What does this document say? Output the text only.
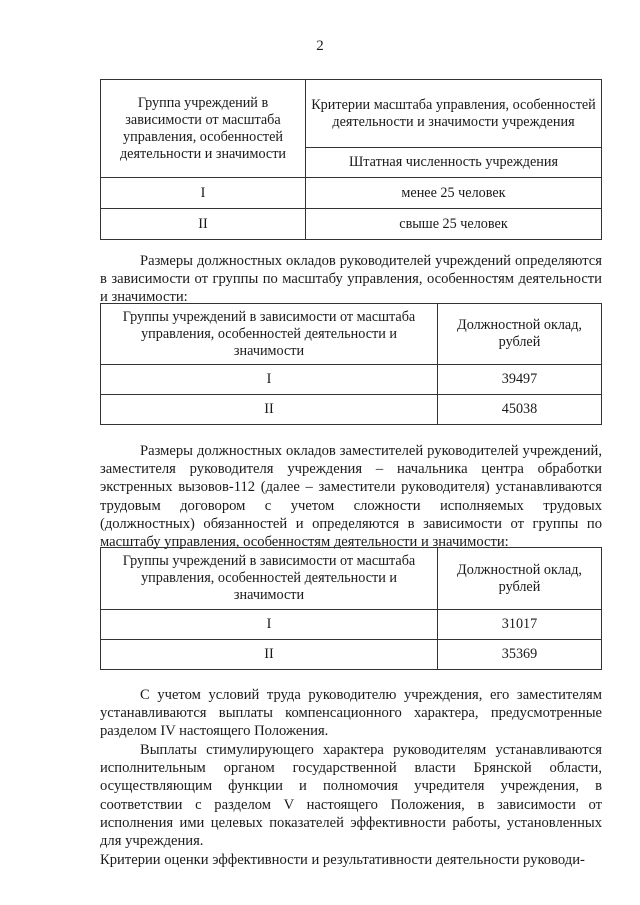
2
Группа учреждений в зависимости от масштаба управления, особенностей деятельности и значимости	Критерии масштаба управления, особенностей деятельности и значимости учреждения
	Штатная численность учреждения
I	менее 25 человек
II	свыше 25 человек
Размеры должностных окладов руководителей учреждений определяются в зависимости от группы по масштабу управления, особенностям деятельности и значимости:
Группы учреждений в зависимости от масштаба управления, особенностей деятельности и значимости	Должностной оклад, рублей
I	39497
II	45038
Размеры должностных окладов заместителей руководителей учреждений, заместителя руководителя учреждения – начальника центра обработки экстренных вызовов-112 (далее – заместители руководителя) устанавливаются трудовым договором с учетом сложности исполняемых трудовых (должностных) обязанностей и определяются в зависимости от группы по масштабу управления, особенностям деятельности и значимости:
Группы учреждений в зависимости от масштаба управления, особенностей деятельности и значимости	Должностной оклад, рублей
I	31017
II	35369
С учетом условий труда руководителю учреждения, его заместителям устанавливаются выплаты компенсационного характера, предусмотренные разделом IV настоящего Положения.
Выплаты стимулирующего характера руководителям устанавливаются исполнительным органом государственной власти Брянской области, осуществляющим функции и полномочия учредителя учреждения, в соответствии с разделом V настоящего Положения, в зависимости от исполнения ими целевых показателей эффективности работы, установленных для учреждения.
Критерии оценки эффективности и результативности деятельности руководи-
